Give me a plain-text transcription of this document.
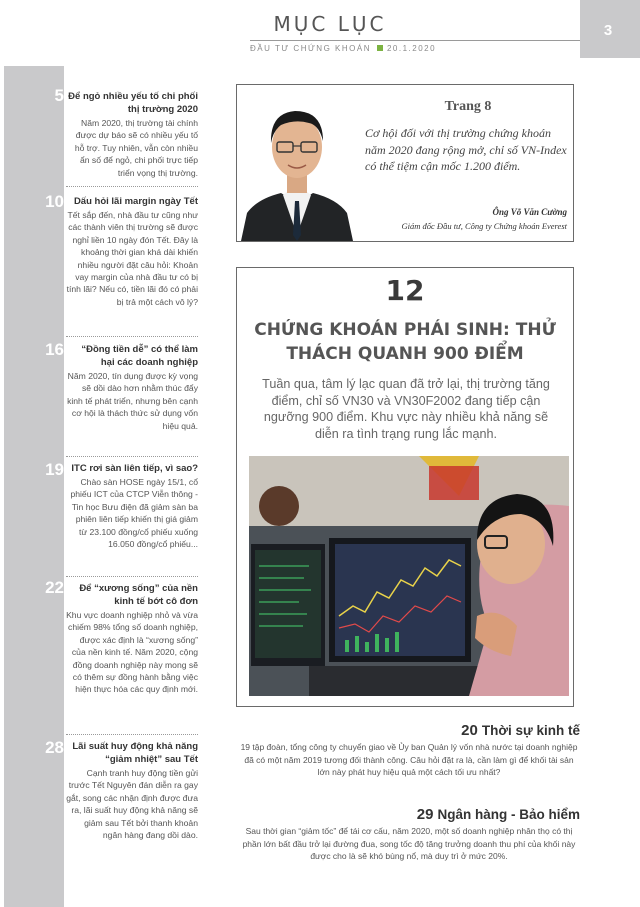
MỤC LỤC
ĐẦU TƯ CHỨNG KHOÁN 20.1.2020
3
5
10
16
19
22
28
Để ngỏ nhiều yếu tố chi phối thị trường 2020
Năm 2020, thị trường tài chính được dự báo sẽ có nhiều yếu tố hỗ trợ. Tuy nhiên, vẫn còn nhiều ẩn số để ngỏ, chi phối trực tiếp triển vọng thị trường.
Dấu hỏi lãi margin ngày Tết
Tết sắp đến, nhà đầu tư cũng như các thành viên thị trường sẽ được nghỉ liền 10 ngày đón Tết. Đây là khoảng thời gian khá dài khiến nhiều người đặt câu hỏi: Khoản vay margin của nhà đầu tư có bị tính lãi? Nếu có, tiền lãi đó có phải bị trả một cách vô lý?
“Đồng tiền dễ” có thể làm hại các doanh nghiệp
Năm 2020, tín dụng được kỳ vọng sẽ dồi dào hơn nhằm thúc đẩy kinh tế phát triển, nhưng bên cạnh cơ hội là thách thức sử dụng vốn hiệu quả.
ITC rơi sàn liên tiếp, vì sao?
Chào sàn HOSE ngày 15/1, cổ phiếu ICT của CTCP Viễn thông - Tin học Bưu điện đã giảm sàn ba phiên liên tiếp khiến thị giá giảm từ 23.100 đồng/cổ phiếu xuống 16.050 đồng/cổ phiếu...
Để “xương sống” của nền kinh tế bớt cô đơn
Khu vực doanh nghiệp nhỏ và vừa chiếm 98% tổng số doanh nghiệp, được xác định là “xương sống” của nền kinh tế. Năm 2020, cộng đồng doanh nghiệp này mong sẽ có thêm sự đồng hành bằng việc hiện thực hóa các quy định mới.
Lãi suất huy động khả năng “giảm nhiệt” sau Tết
Cạnh tranh huy động tiền gửi trước Tết Nguyên đán diễn ra gay gắt, song các nhận định được đưa ra, lãi suất huy động khả năng sẽ giảm sau Tết bởi thanh khoản ngân hàng đang dồi dào.
Trang 8
Cơ hội đối với thị trường chứng khoán năm 2020 đang rộng mở, chỉ số VN-Index có thể tiệm cận mốc 1.200 điểm.
Ông Võ Văn Cường
Giám đốc Đầu tư, Công ty Chứng khoán Everest
12
CHỨNG KHOÁN PHÁI SINH: THỬ THÁCH QUANH 900 ĐIỂM
Tuần qua, tâm lý lạc quan đã trở lại, thị trường tăng điểm, chỉ số VN30 và VN30F2002 đang tiếp cận ngưỡng 900 điểm. Khu vực này nhiều khả năng sẽ diễn ra tình trạng rung lắc mạnh.
20 Thời sự kinh tế
19 tập đoàn, tổng công ty chuyển giao về Ủy ban Quản lý vốn nhà nước tại doanh nghiệp đã có một năm 2019 tương đối thành công. Câu hỏi đặt ra là, cần làm gì để khối tài sản lớn này phát huy hiệu quả một cách tối ưu nhất?
29 Ngân hàng - Bảo hiểm
Sau thời gian “giảm tốc” để tái cơ cấu, năm 2020, một số doanh nghiệp nhân thọ có thị phần lớn bất đầu trở lại đường đua, song tốc độ tăng trưởng doanh thu phí của khối này được cho là sẽ khó bùng nổ, mà duy trì ở mức 20%.
